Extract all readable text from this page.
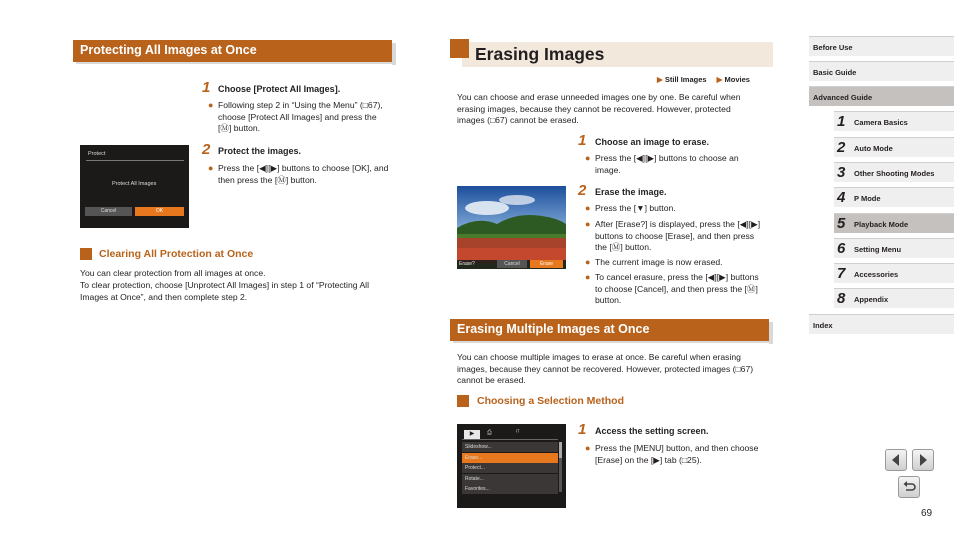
Protecting All Images at Once
1 Choose [Protect All Images].
● Following step 2 in “Using the Menu” (□67), choose [Protect All Images] and press the [Ⓜ] button.
2 Protect the images.
● Press the [◀][▶] buttons to choose [OK], and then press the [Ⓜ] button.
Protect
Protect All Images
Cancel	OK
Clearing All Protection at Once
You can clear protection from all images at once.
To clear protection, choose [Unprotect All Images] in step 1 of “Protecting All Images at Once”, and then complete step 2.
Erasing Images
▶ Still Images ▶ Movies
You can choose and erase unneeded images one by one. Be careful when erasing images, because they cannot be recovered. However, protected images (□67) cannot be erased.
1 Choose an image to erase.
● Press the [◀][▶] buttons to choose an image.
2 Erase the image.
● Press the [▼] button.
● After [Erase?] is displayed, press the [◀][▶] buttons to choose [Erase], and then press the [Ⓜ] button.
● The current image is now erased.
● To cancel erasure, press the [◀][▶] buttons to choose [Cancel], and then press the [Ⓜ] button.
Erase?	Cancel	Erase
Erasing Multiple Images at Once
You can choose multiple images to erase at once. Be careful when erasing images, because they cannot be recovered. However, protected images (□67) cannot be erased.
Choosing a Selection Method
1 Access the setting screen.
● Press the [MENU] button, and then choose [Erase] on the [▶] tab (□25).
▶	⎙	ᴵᵀ
Slideshow...
Erase...
Protect...
Rotate...
Favorites...
Before Use
Basic Guide
Advanced Guide
1 Camera Basics
2 Auto Mode
3 Other Shooting Modes
4 P Mode
5 Playback Mode
6 Setting Menu
7 Accessories
8 Appendix
Index
69
